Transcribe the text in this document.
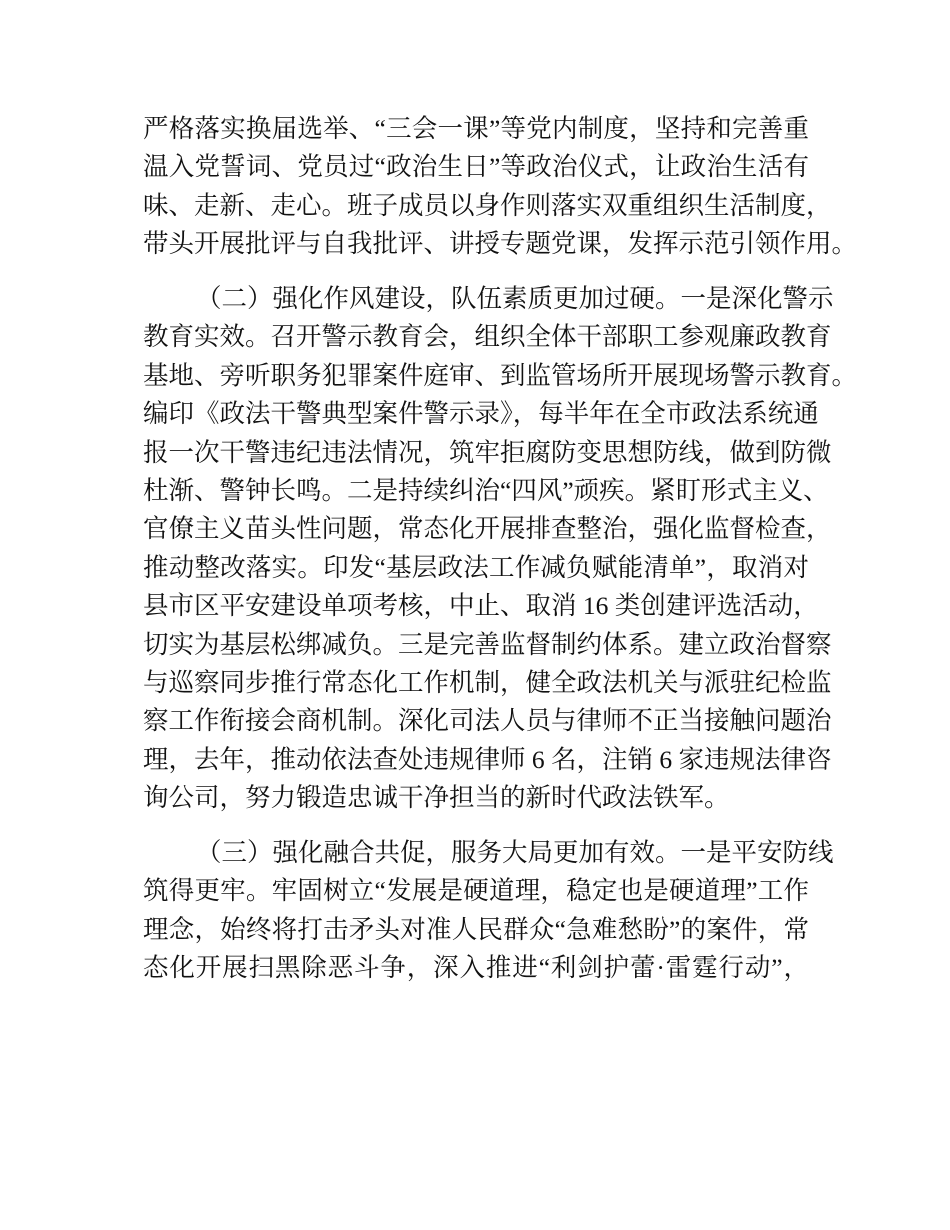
严格落实换届选举、“三会一课”等党内制度，坚持和完善重
温入党誓词、党员过“政治生日”等政治仪式，让政治生活有
味、走新、走心。班子成员以身作则落实双重组织生活制度，
带头开展批评与自我批评、讲授专题党课，发挥示范引领作用。
（二）强化作风建设，队伍素质更加过硬。一是深化警示
教育实效。召开警示教育会，组织全体干部职工参观廉政教育
基地、旁听职务犯罪案件庭审、到监管场所开展现场警示教育。
编印《政法干警典型案件警示录》，每半年在全市政法系统通
报一次干警违纪违法情况，筑牢拒腐防变思想防线，做到防微
杜渐、警钟长鸣。二是持续纠治“四风”顽疾。紧盯形式主义、
官僚主义苗头性问题，常态化开展排查整治，强化监督检查，
推动整改落实。印发“基层政法工作减负赋能清单”，取消对
县市区平安建设单项考核，中止、取消 16 类创建评选活动，
切实为基层松绑减负。三是完善监督制约体系。建立政治督察
与巡察同步推行常态化工作机制，健全政法机关与派驻纪检监
察工作衔接会商机制。深化司法人员与律师不正当接触问题治
理，去年，推动依法查处违规律师 6 名，注销 6 家违规法律咨
询公司，努力锻造忠诚干净担当的新时代政法铁军。
（三）强化融合共促，服务大局更加有效。一是平安防线
筑得更牢。牢固树立“发展是硬道理，稳定也是硬道理”工作
理念，始终将打击矛头对准人民群众“急难愁盼”的案件，常
态化开展扫黑除恶斗争，深入推进“利剑护蕾·雷霆行动”，
